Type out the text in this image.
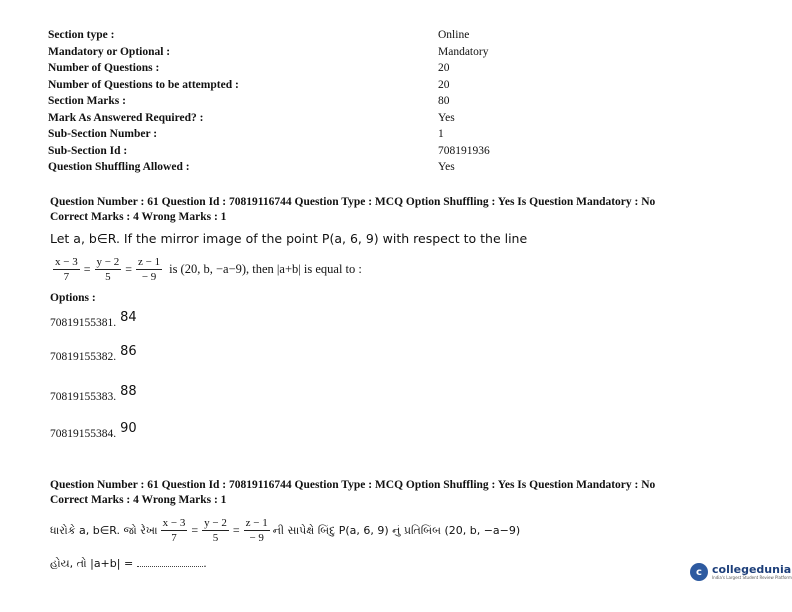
Section type :	Online
Mandatory or Optional :	Mandatory
Number of Questions :	20
Number of Questions to be attempted :	20
Section Marks :	80
Mark As Answered Required? :	Yes
Sub-Section Number :	1
Sub-Section Id :	708191936
Question Shuffling Allowed :	Yes
Question Number : 61 Question Id : 70819116744 Question Type : MCQ Option Shuffling : Yes Is Question Mandatory : No
Correct Marks : 4 Wrong Marks : 1
Let a, b∈R. If the mirror image of the point P(a, 6, 9) with respect to the line
$\frac{x - 3}{7} = \frac{y - 2}{5} = \frac{z - 1}{- 9}$ is (20, b, −a−9), then |a+b| is equal to :
Options :
70819155381. 84
70819155382. 86
70819155383. 88
70819155384. 90
Question Number : 61 Question Id : 70819116744 Question Type : MCQ Option Shuffling : Yes Is Question Mandatory : No
Correct Marks : 4 Wrong Marks : 1
ધારોકે a, b∈R. જો રેખા $\frac{x - 3}{7} = \frac{y - 2}{5} = \frac{z - 1}{- 9}$ ની સાપેક્ષે બિંદુ P(a, 6, 9) નું પ્રતિબિંબ (20, b, −a−9)
હોય, તો |a+b| =	.
c collegedunia
India's Largest Student Review Platform
